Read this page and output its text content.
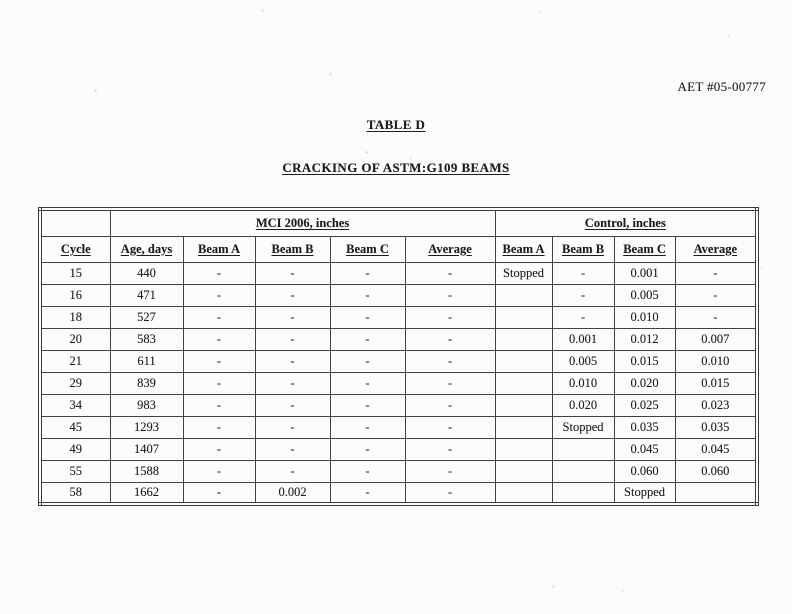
AET #05-00777
TABLE D
CRACKING OF ASTM:G109 BEAMS
	MCI 2006, inches					Control, inches			
Cycle	Age, days	Beam A	Beam B	Beam C	Average	Beam A	Beam B	Beam C	Average
15	440	-	-	-	-	Stopped	-	0.001	-
16	471	-	-	-	-		-	0.005	-
18	527	-	-	-	-		-	0.010	-
20	583	-	-	-	-		0.001	0.012	0.007
21	611	-	-	-	-		0.005	0.015	0.010
29	839	-	-	-	-		0.010	0.020	0.015
34	983	-	-	-	-		0.020	0.025	0.023
45	1293	-	-	-	-		Stopped	0.035	0.035
49	1407	-	-	-	-			0.045	0.045
55	1588	-	-	-	-			0.060	0.060
58	1662	-	0.002	-	-			Stopped	
